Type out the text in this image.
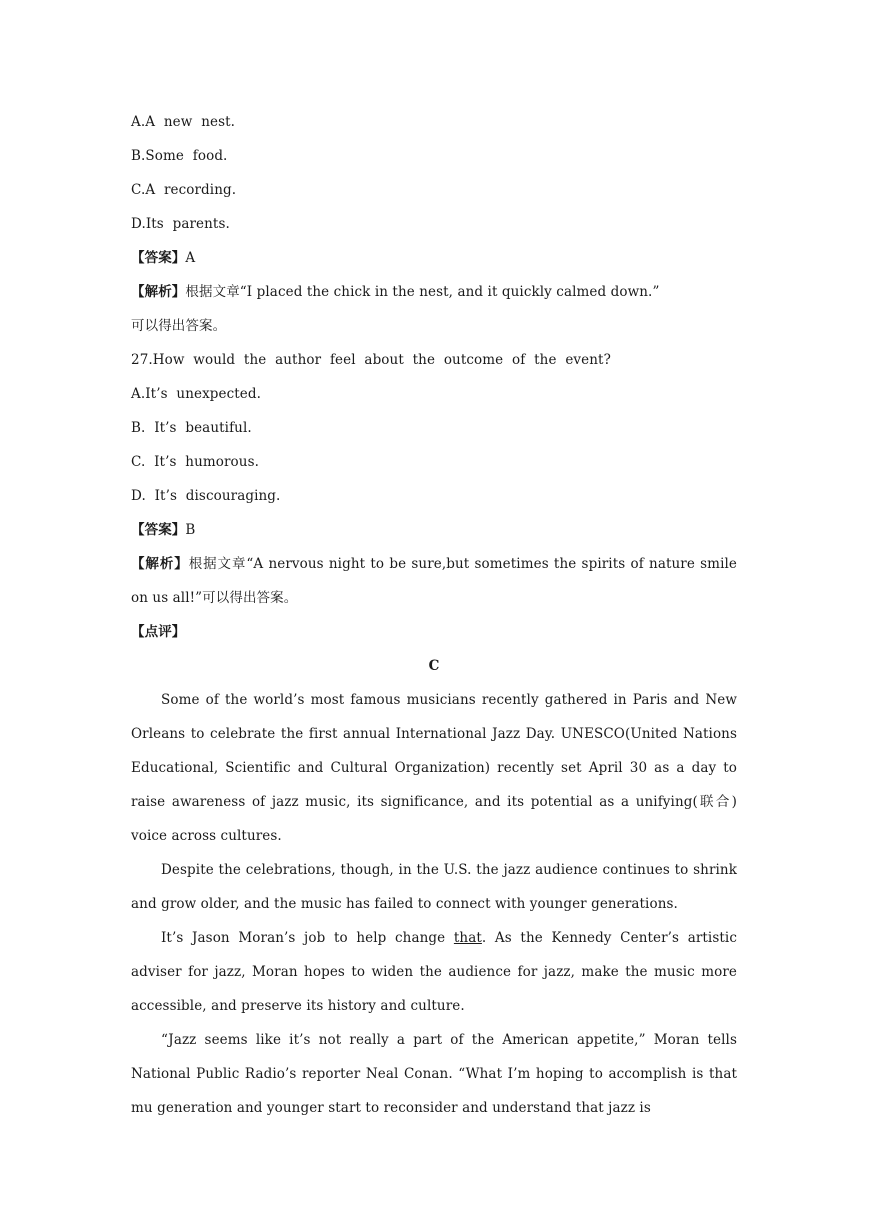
A.A  new  nest.
B.Some  food.
C.A  recording.
D.Its  parents.
【答案】A
【解析】根据文章“I placed the chick in the nest, and it quickly calmed down.”
可以得出答案。
27.How  would  the  author  feel  about  the  outcome  of  the  event?
A.It’s  unexpected.
B.  It’s  beautiful.
C.  It’s  humorous.
D.  It’s  discouraging.
【答案】B

【解析】根据文章“A nervous night to be sure,but sometimes the spirits of nature smile on us all!”可以得出答案。

【点评】
C

Some of the world’s most famous musicians recently gathered in Paris and New Orleans to celebrate the first annual International Jazz Day. UNESCO(United Nations Educational, Scientific and Cultural Organization) recently set April 30 as a day to raise awareness of jazz music, its significance, and its potential as a unifying(联合) voice across cultures.

Despite the celebrations, though, in the U.S. the jazz audience continues to shrink and grow older, and the music has failed to connect with younger generations.

It’s Jason Moran’s job to help change that. As the Kennedy Center’s artistic adviser for jazz, Moran hopes to widen the audience for jazz, make the music more accessible, and preserve its history and culture.

“Jazz seems like it’s not really a part of the American appetite,” Moran tells National Public Radio’s reporter Neal Conan. “What I’m hoping to accomplish is that mu generation and younger start to reconsider and understand that jazz is
